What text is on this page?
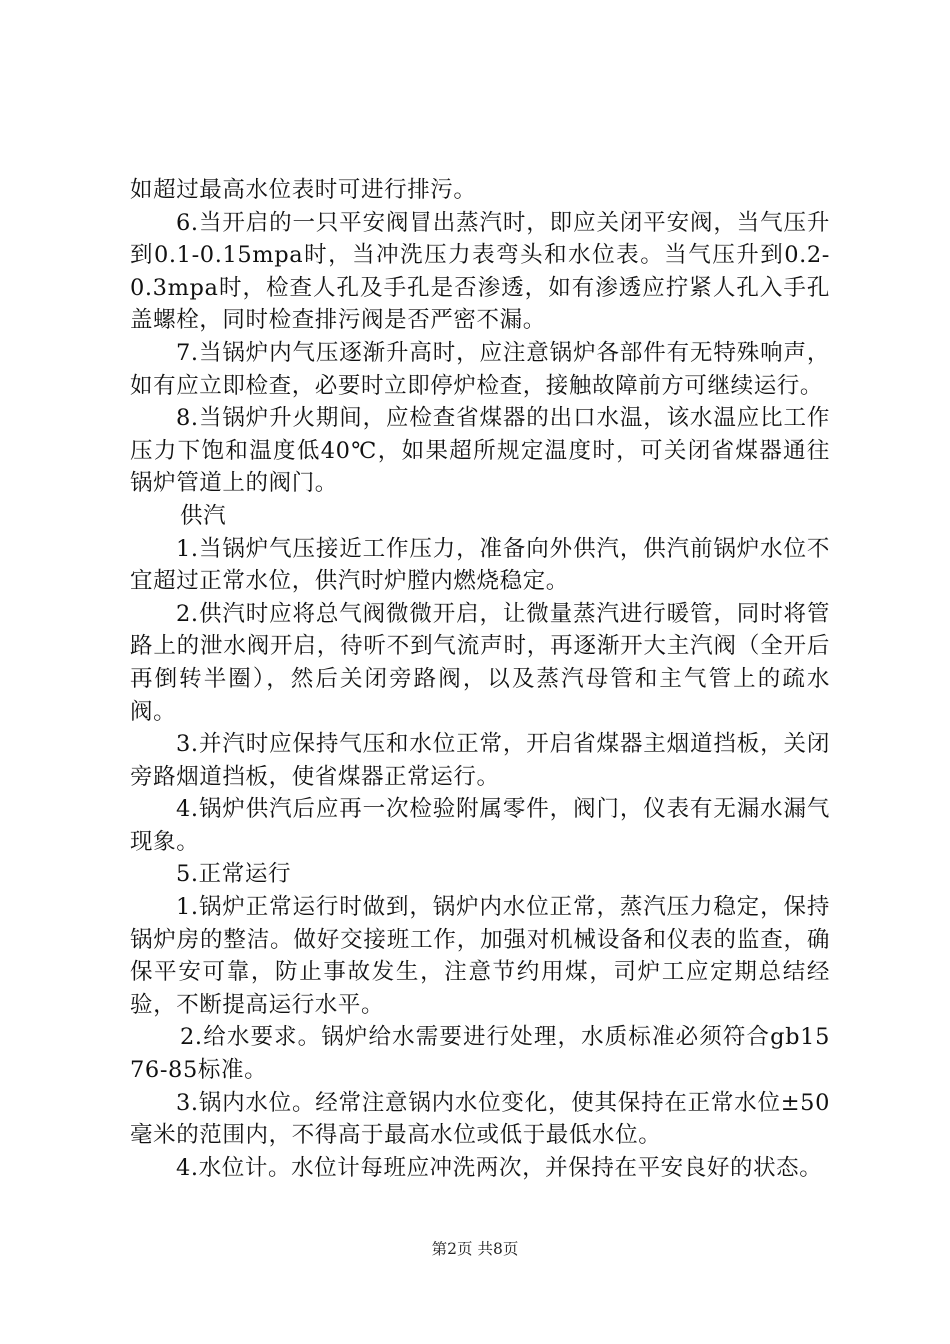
如超过最高水位表时可进行排污。

6.当开启的一只平安阀冒出蒸汽时，即应关闭平安阀，当气压升到0.1-0.15mpa时，当冲洗压力表弯头和水位表。当气压升到0.2-0.3mpa时，检查人孔及手孔是否渗透，如有渗透应拧紧人孔入手孔盖螺栓，同时检查排污阀是否严密不漏。

7.当锅炉内气压逐渐升高时，应注意锅炉各部件有无特殊响声，如有应立即检查，必要时立即停炉检查，接触故障前方可继续运行。

8.当锅炉升火期间，应检查省煤器的出口水温，该水温应比工作压力下饱和温度低40℃，如果超所规定温度时，可关闭省煤器通往锅炉管道上的阀门。

供汽

1.当锅炉气压接近工作压力，准备向外供汽，供汽前锅炉水位不宜超过正常水位，供汽时炉膛内燃烧稳定。

2.供汽时应将总气阀微微开启，让微量蒸汽进行暖管，同时将管路上的泄水阀开启，待听不到气流声时，再逐渐开大主汽阀（全开后再倒转半圈），然后关闭旁路阀，以及蒸汽母管和主气管上的疏水阀。

3.并汽时应保持气压和水位正常，开启省煤器主烟道挡板，关闭旁路烟道挡板，使省煤器正常运行。

4.锅炉供汽后应再一次检验附属零件，阀门，仪表有无漏水漏气现象。

5.正常运行

1.锅炉正常运行时做到，锅炉内水位正常，蒸汽压力稳定，保持锅炉房的整洁。做好交接班工作，加强对机械设备和仪表的监查，确保平安可靠，防止事故发生，注意节约用煤，司炉工应定期总结经验，不断提高运行水平。

2.给水要求。锅炉给水需要进行处理，水质标准必须符合gb1576-85标准。

3.锅内水位。经常注意锅内水位变化，使其保持在正常水位±50毫米的范围内，不得高于最高水位或低于最低水位。

4.水位计。水位计每班应冲洗两次，并保持在平安良好的状态。

第2页 共8页
